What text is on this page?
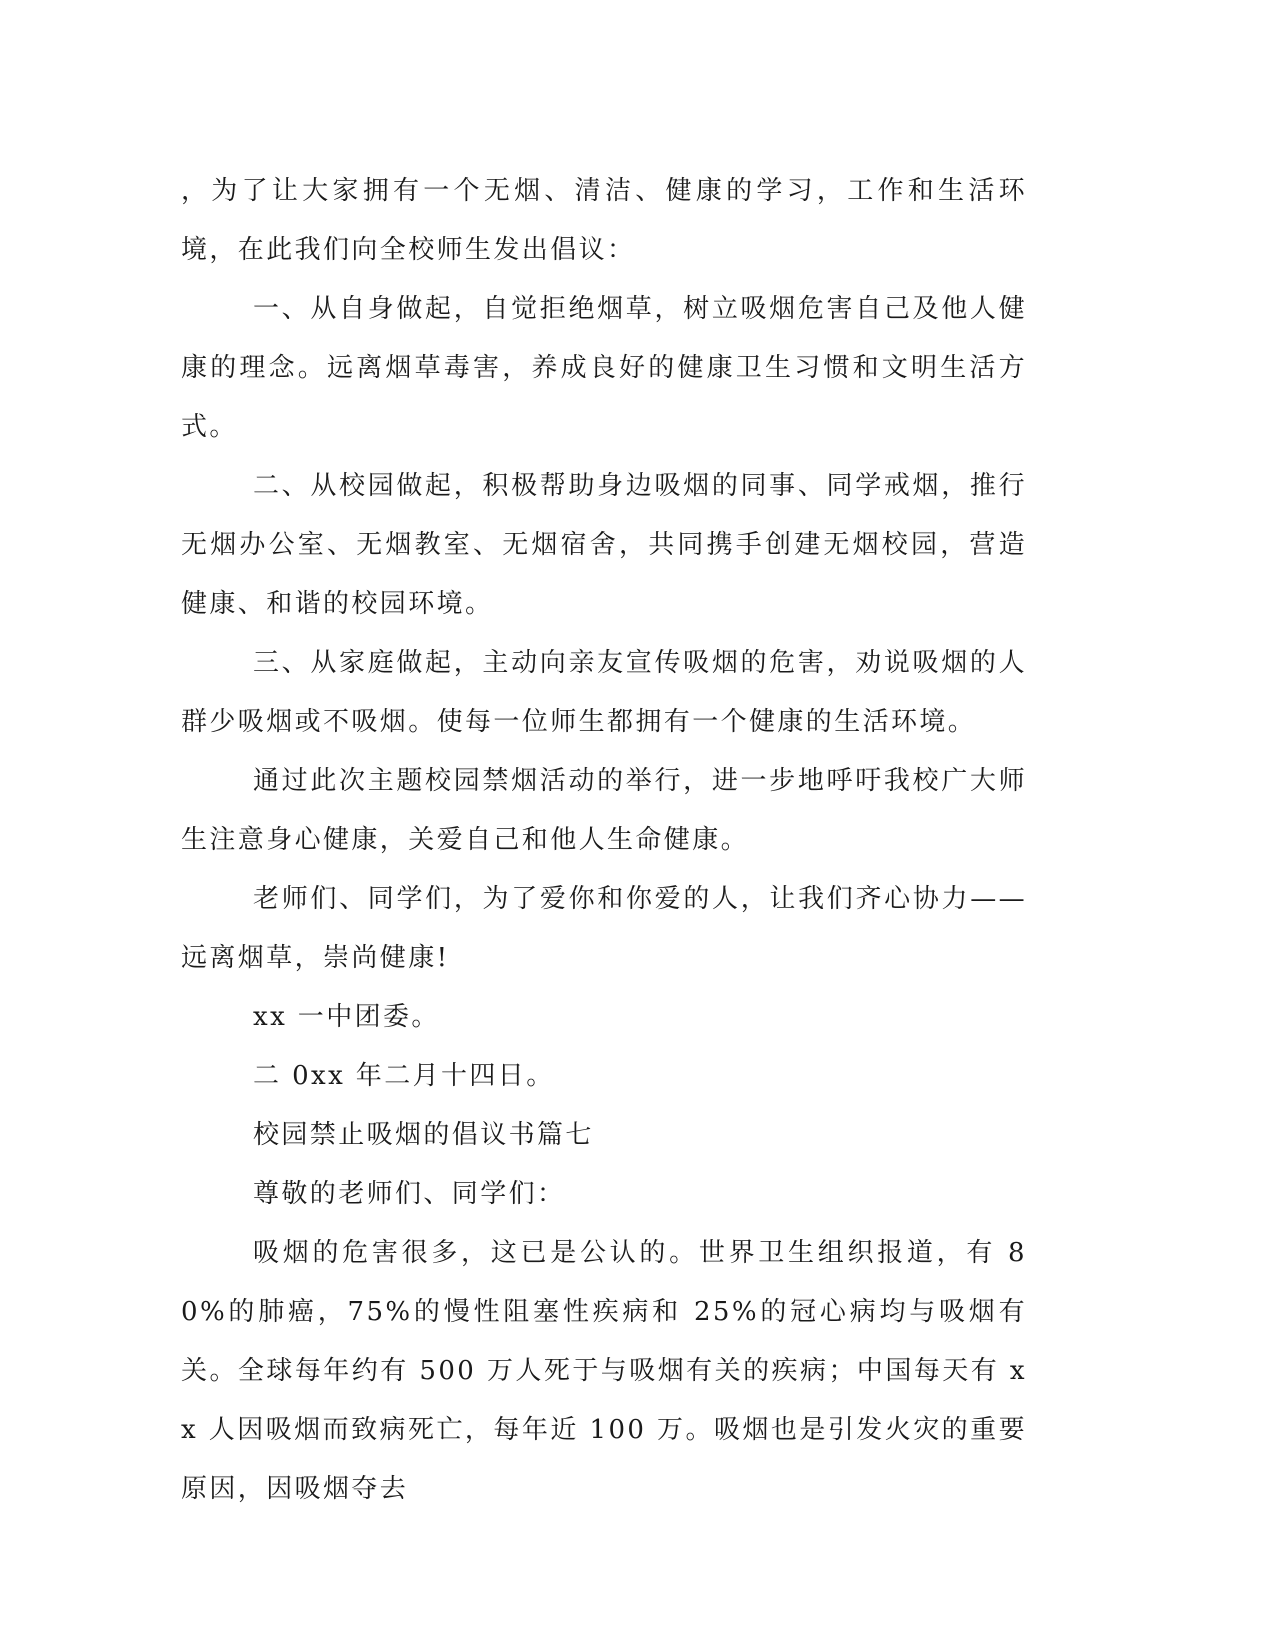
，为了让大家拥有一个无烟、清洁、健康的学习，工作和生活环境，在此我们向全校师生发出倡议：

一、从自身做起，自觉拒绝烟草，树立吸烟危害自己及他人健康的理念。远离烟草毒害，养成良好的健康卫生习惯和文明生活方式。

二、从校园做起，积极帮助身边吸烟的同事、同学戒烟，推行无烟办公室、无烟教室、无烟宿舍，共同携手创建无烟校园，营造健康、和谐的校园环境。

三、从家庭做起，主动向亲友宣传吸烟的危害，劝说吸烟的人群少吸烟或不吸烟。使每一位师生都拥有一个健康的生活环境。

通过此次主题校园禁烟活动的举行，进一步地呼吁我校广大师生注意身心健康，关爱自己和他人生命健康。

老师们、同学们，为了爱你和你爱的人，让我们齐心协力——远离烟草，崇尚健康!

xx 一中团委。

二 0xx 年二月十四日。

校园禁止吸烟的倡议书篇七

尊敬的老师们、同学们：

吸烟的危害很多，这已是公认的。世界卫生组织报道，有 80%的肺癌，75%的慢性阻塞性疾病和 25%的冠心病均与吸烟有关。全球每年约有 500 万人死于与吸烟有关的疾病；中国每天有 xx 人因吸烟而致病死亡，每年近 100 万。吸烟也是引发火灾的重要原因，因吸烟夺去
